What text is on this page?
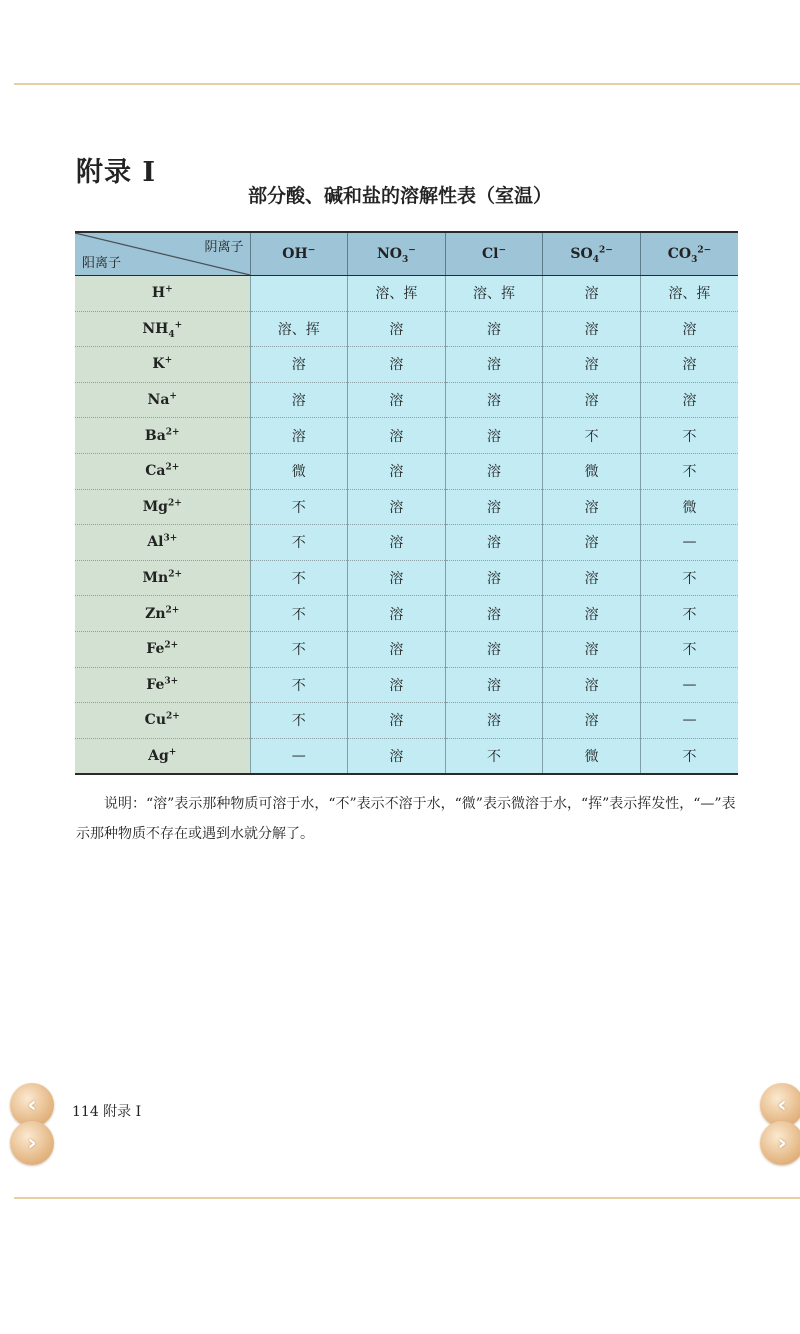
附录 I
部分酸、碱和盐的溶解性表（室温）
阴离子
阳离子	OH−	$NO_3^-$	Cl−	$SO_4^{2-}$	$CO_3^{2-}$
H+		溶、挥	溶、挥	溶	溶、挥
$NH_4^+$	溶、挥	溶	溶	溶	溶
K+	溶	溶	溶	溶	溶
Na+	溶	溶	溶	溶	溶
$Ba^{2+}$	溶	溶	溶	不	不
$Ca^{2+}$	微	溶	溶	微	不
$Mg^{2+}$	不	溶	溶	溶	微
$Al^{3+}$	不	溶	溶	溶	—
$Mn^{2+}$	不	溶	溶	溶	不
$Zn^{2+}$	不	溶	溶	溶	不
$Fe^{2+}$	不	溶	溶	溶	不
$Fe^{3+}$	不	溶	溶	溶	—
$Cu^{2+}$	不	溶	溶	溶	—
Ag+	—	溶	不	微	不

说明：“溶”表示那种物质可溶于水，“不”表示不溶于水，“微”表示微溶于水，“挥”表示挥发性，“—”表示那种物质不存在或遇到水就分解了。

‹
›
‹
›
114 附录 I
